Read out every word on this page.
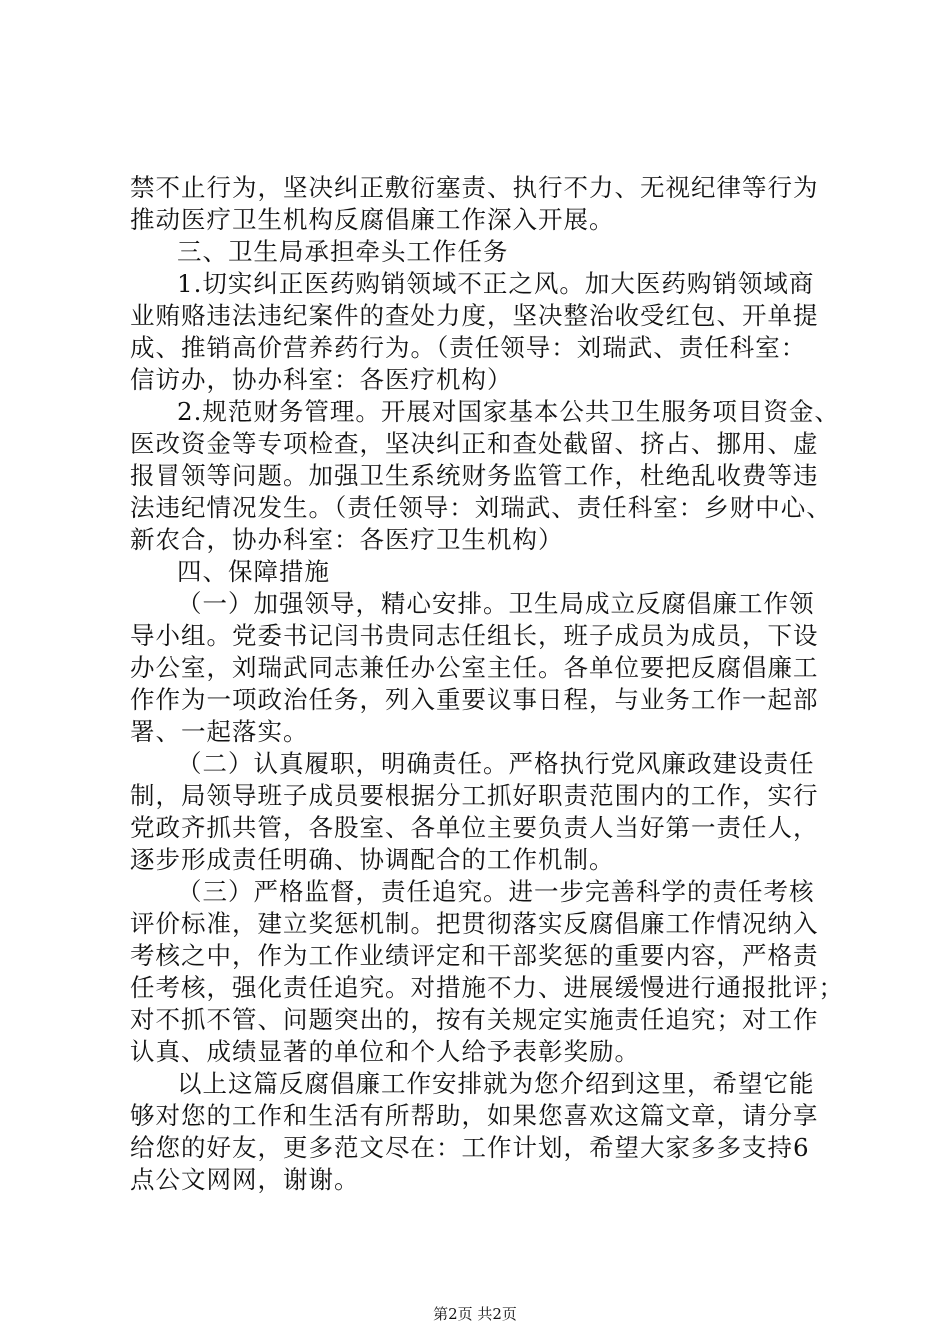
禁不止行为，坚决纠正敷衍塞责、执行不力、无视纪律等行为
推动医疗卫生机构反腐倡廉工作深入开展。
三、卫生局承担牵头工作任务
1.切实纠正医药购销领域不正之风。加大医药购销领域商
业贿赂违法违纪案件的查处力度，坚决整治收受红包、开单提
成、推销高价营养药行为。（责任领导：刘瑞武、责任科室：
信访办，协办科室：各医疗机构）
2.规范财务管理。开展对国家基本公共卫生服务项目资金、
医改资金等专项检查，坚决纠正和查处截留、挤占、挪用、虚
报冒领等问题。加强卫生系统财务监管工作，杜绝乱收费等违
法违纪情况发生。（责任领导：刘瑞武、责任科室：乡财中心、
新农合，协办科室：各医疗卫生机构）
四、保障措施
（一）加强领导，精心安排。卫生局成立反腐倡廉工作领
导小组。党委书记闫书贵同志任组长，班子成员为成员，下设
办公室，刘瑞武同志兼任办公室主任。各单位要把反腐倡廉工
作作为一项政治任务，列入重要议事日程，与业务工作一起部
署、一起落实。
（二）认真履职，明确责任。严格执行党风廉政建设责任
制，局领导班子成员要根据分工抓好职责范围内的工作，实行
党政齐抓共管，各股室、各单位主要负责人当好第一责任人，
逐步形成责任明确、协调配合的工作机制。
（三）严格监督，责任追究。进一步完善科学的责任考核
评价标准，建立奖惩机制。把贯彻落实反腐倡廉工作情况纳入
考核之中，作为工作业绩评定和干部奖惩的重要内容，严格责
任考核，强化责任追究。对措施不力、进展缓慢进行通报批评；
对不抓不管、问题突出的，按有关规定实施责任追究；对工作
认真、成绩显著的单位和个人给予表彰奖励。
以上这篇反腐倡廉工作安排就为您介绍到这里，希望它能
够对您的工作和生活有所帮助，如果您喜欢这篇文章，请分享
给您的好友，更多范文尽在：工作计划，希望大家多多支持6
点公文网网，谢谢。
第2页 共2页
